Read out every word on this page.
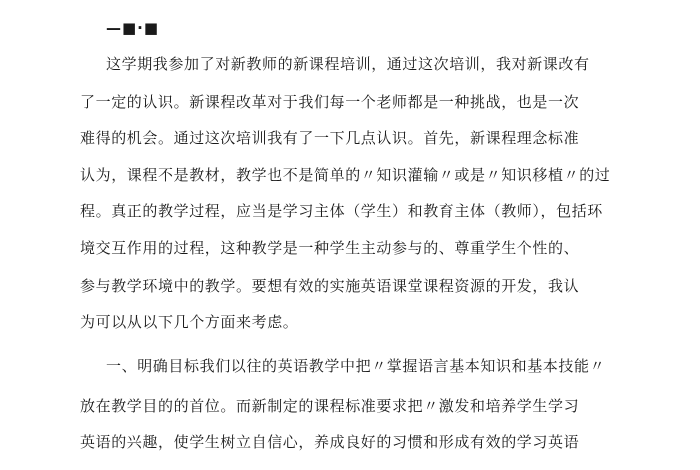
—■·■
这学期我参加了对新教师的新课程培训，通过这次培训，我对新课改有
了一定的认识。新课程改革对于我们每一个老师都是一种挑战，也是一次
难得的机会。通过这次培训我有了一下几点认识。首先，新课程理念标准
认为，课程不是教材，教学也不是简单的〃知识灌输〃或是〃知识移植〃的过
程。真正的教学过程，应当是学习主体（学生）和教育主体（教师），包括环
境交互作用的过程，这种教学是一种学生主动参与的、尊重学生个性的、
参与教学环境中的教学。要想有效的实施英语课堂课程资源的开发，我认
为可以从以下几个方面来考虑。
一、明确目标我们以往的英语教学中把〃掌握语言基本知识和基本技能〃
放在教学目的的首位。而新制定的课程标准要求把〃激发和培养学生学习
英语的兴趣，使学生树立自信心，养成良好的习惯和形成有效的学习英语
